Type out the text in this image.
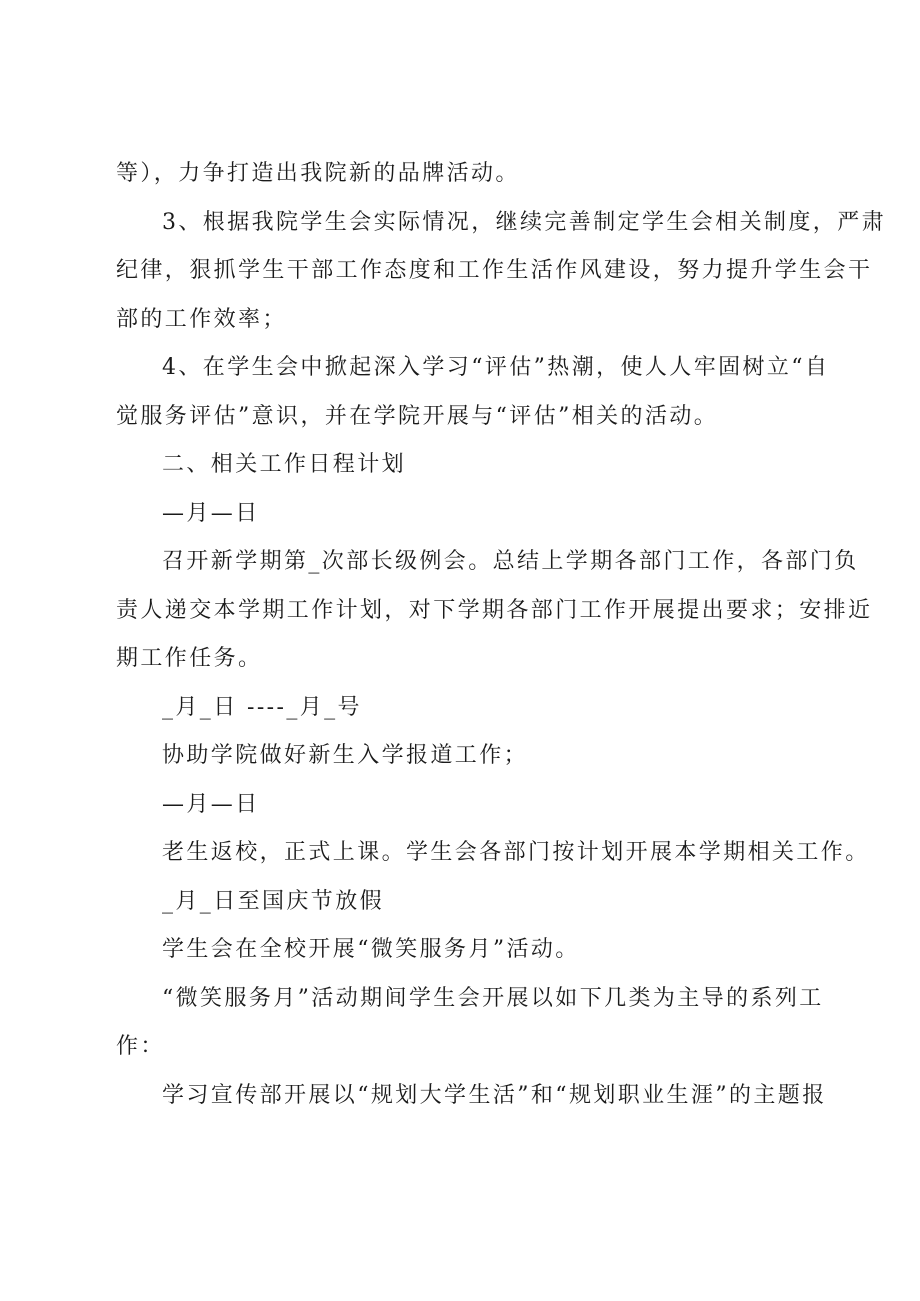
等），力争打造出我院新的品牌活动。
3、根据我院学生会实际情况，继续完善制定学生会相关制度，严肃
纪律，狠抓学生干部工作态度和工作生活作风建设，努力提升学生会干
部的工作效率；
4、在学生会中掀起深入学习“评估”热潮，使人人牢固树立“自
觉服务评估”意识，并在学院开展与“评估”相关的活动。
二、相关工作日程计划
—月—日
召开新学期第_次部长级例会。总结上学期各部门工作，各部门负
责人递交本学期工作计划，对下学期各部门工作开展提出要求；安排近
期工作任务。
_月_日 ----_月_号
协助学院做好新生入学报道工作；
—月—日
老生返校，正式上课。学生会各部门按计划开展本学期相关工作。
_月_日至国庆节放假
学生会在全校开展“微笑服务月”活动。
“微笑服务月”活动期间学生会开展以如下几类为主导的系列工
作：
学习宣传部开展以“规划大学生活”和“规划职业生涯”的主题报
